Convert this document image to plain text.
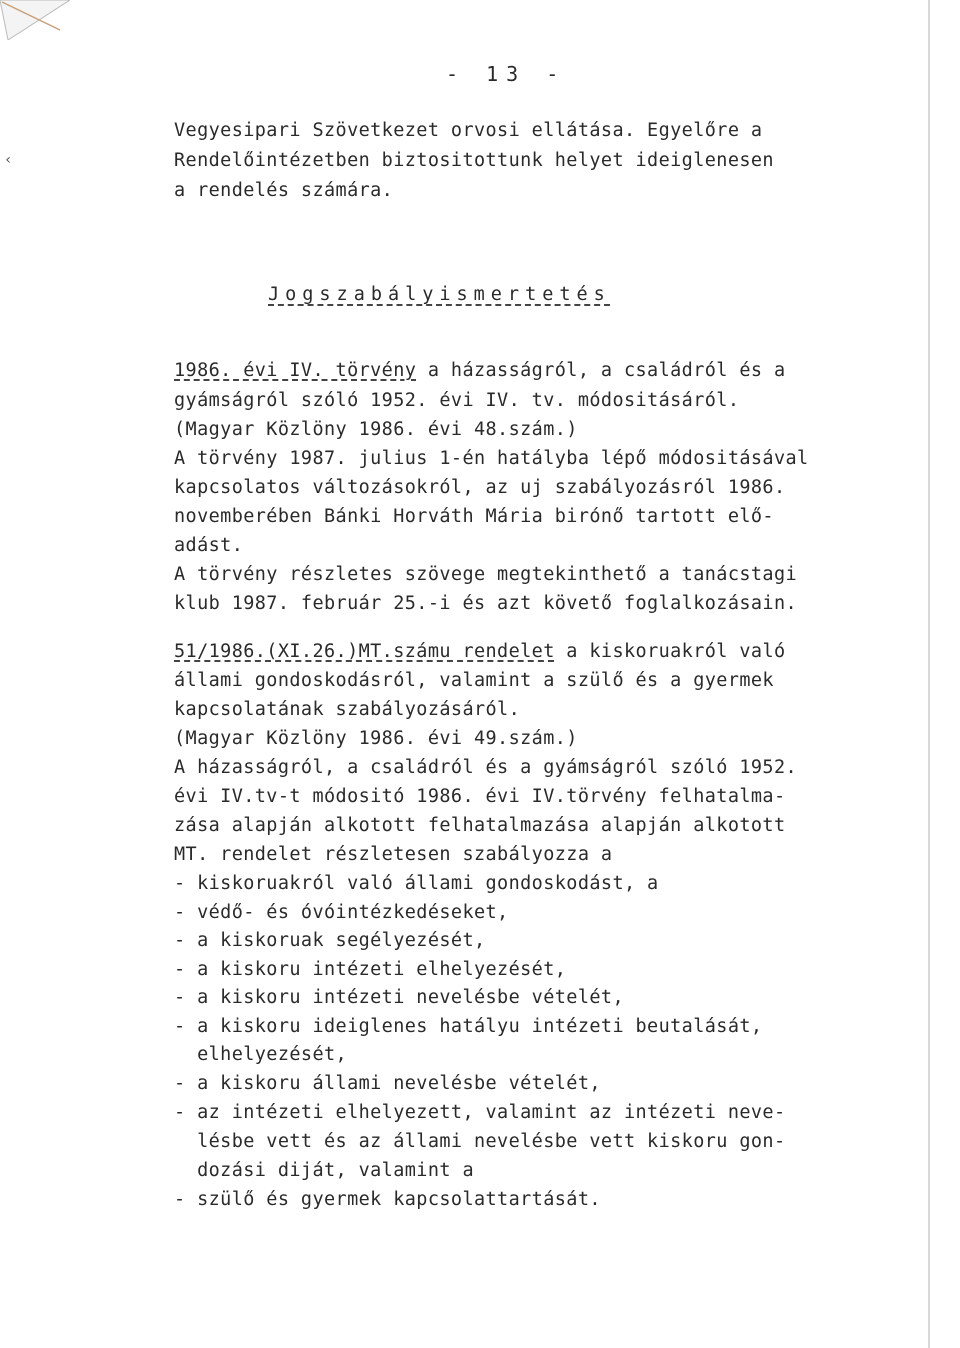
‹
- 13 -
Vegyesipari Szövetkezet orvosi ellátása. Egyelőre a
Rendelőintézetben biztositottunk helyet ideiglenesen
a rendelés számára.
Jogszabályismertetés
1986. évi IV. törvény a házasságról, a családról és a
gyámságról szóló 1952. évi IV. tv. módositásáról.
(Magyar Közlöny 1986. évi 48.szám.)
A törvény 1987. julius 1-én hatályba lépő módositásával
kapcsolatos változásokról, az uj szabályozásról 1986.
novemberében Bánki Horváth Mária birónő tartott elő-
adást.
A törvény részletes szövege megtekinthető a tanácstagi
klub 1987. február 25.-i és azt követő foglalkozásain.
51/1986.(XI.26.)MT.számu rendelet a kiskoruakról való
állami gondoskodásról, valamint a szülő és a gyermek
kapcsolatának szabályozásáról.
(Magyar Közlöny 1986. évi 49.szám.)
A házasságról, a családról és a gyámságról szóló 1952.
évi IV.tv-t módositó 1986. évi IV.törvény felhatalma-
zása alapján alkotott felhatalmazása alapján alkotott
MT. rendelet részletesen szabályozza a
- kiskoruakról való állami gondoskodást, a
- védő- és óvóintézkedéseket,
- a kiskoruak segélyezését,
- a kiskoru intézeti elhelyezését,
- a kiskoru intézeti nevelésbe vételét,
- a kiskoru ideiglenes hatályu intézeti beutalását,
elhelyezését,
- a kiskoru állami nevelésbe vételét,
- az intézeti elhelyezett, valamint az intézeti neve-
lésbe vett és az állami nevelésbe vett kiskoru gon-
dozási diját, valamint a
- szülő és gyermek kapcsolattartását.
